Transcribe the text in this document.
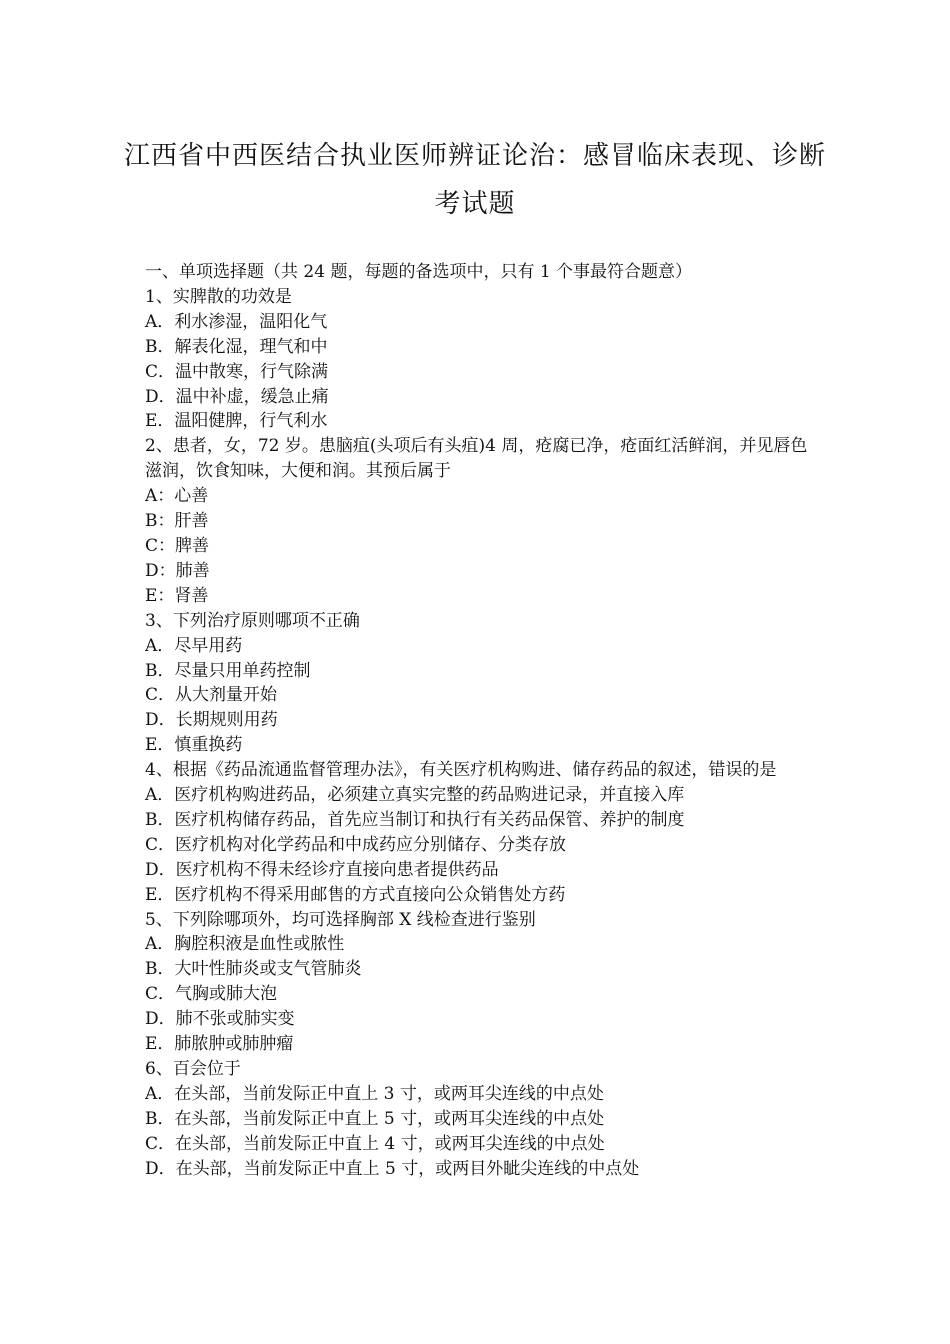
江西省中西医结合执业医师辨证论治：感冒临床表现、诊断
考试题
一、单项选择题（共 24 题，每题的备选项中，只有 1 个事最符合题意）
1、实脾散的功效是
A．利水渗湿，温阳化气
B．解表化湿，理气和中
C．温中散寒，行气除满
D．温中补虚，缓急止痛
E．温阳健脾，行气利水
2、患者，女，72 岁。患脑疽(头项后有头疽)4 周，疮腐已净，疮面红活鲜润，并见唇色滋润，饮食知味，大便和润。其预后属于
A：心善
B：肝善
C：脾善
D：肺善
E：肾善
3、下列治疗原则哪项不正确
A．尽早用药
B．尽量只用单药控制
C．从大剂量开始
D．长期规则用药
E．慎重换药
4、根据《药品流通监督管理办法》，有关医疗机构购进、储存药品的叙述，错误的是
A．医疗机构购进药品，必须建立真实完整的药品购进记录，并直接入库
B．医疗机构储存药品，首先应当制订和执行有关药品保管、养护的制度
C．医疗机构对化学药品和中成药应分别储存、分类存放
D．医疗机构不得未经诊疗直接向患者提供药品
E．医疗机构不得采用邮售的方式直接向公众销售处方药
5、下列除哪项外，均可选择胸部 X 线检查进行鉴别
A．胸腔积液是血性或脓性
B．大叶性肺炎或支气管肺炎
C．气胸或肺大泡
D．肺不张或肺实变
E．肺脓肿或肺肿瘤
6、百会位于
A．在头部，当前发际正中直上 3 寸，或两耳尖连线的中点处
B．在头部，当前发际正中直上 5 寸，或两耳尖连线的中点处
C．在头部，当前发际正中直上 4 寸，或两耳尖连线的中点处
D．在头部，当前发际正中直上 5 寸，或两目外眦尖连线的中点处
